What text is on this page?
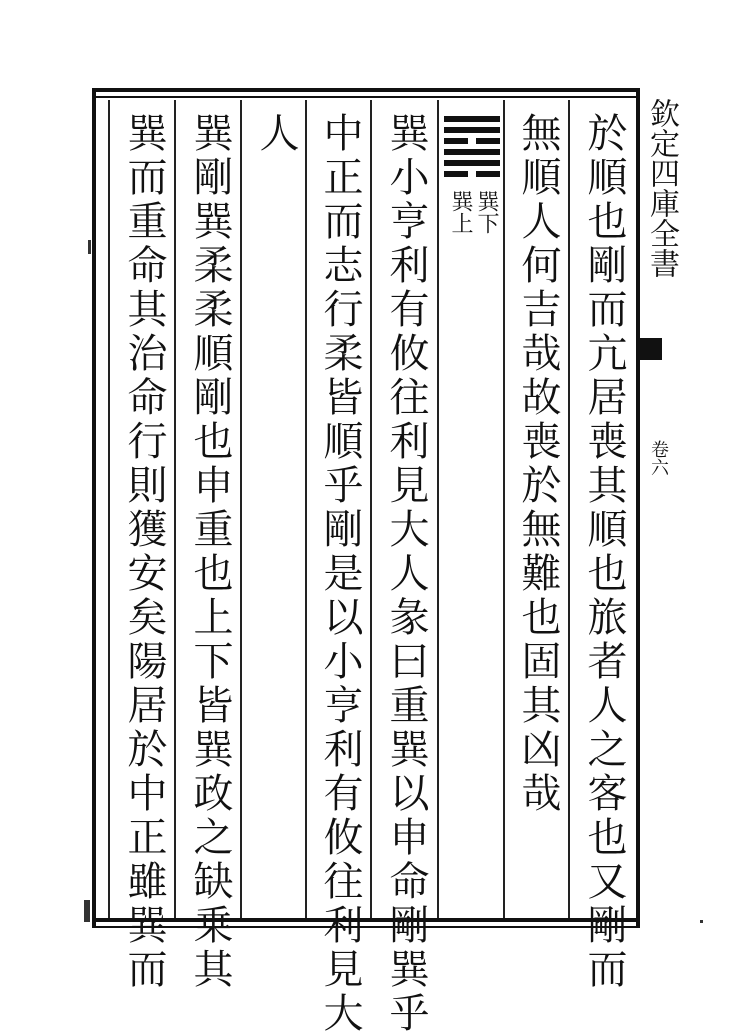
欽定四庫全書
卷六
於順也剛而亢居喪其順也旅者人之客也又剛而
無順人何吉哉故喪於無難也固其凶哉
巽下
巽上
巽小亨利有攸往利見大人彖曰重巽以申命剛巽乎
中正而志行柔皆順乎剛是以小亨利有攸往利見大
人
巽剛巽柔柔順剛也申重也上下皆巽政之缺乗其
巽而重命其治命行則獲安矣陽居於中正雖巽而
